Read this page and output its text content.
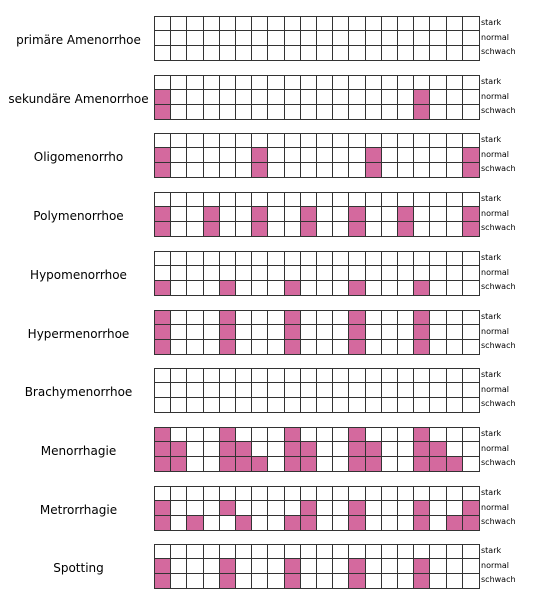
primäre Amenorrhoe
stark
normal
schwach
sekundäre Amenorrhoe
stark
normal
schwach
Oligomenorrho
stark
normal
schwach
Polymenorrhoe
stark
normal
schwach
Hypomenorrhoe
stark
normal
schwach
Hypermenorrhoe
stark
normal
schwach
Brachymenorrhoe
stark
normal
schwach
Menorrhagie
stark
normal
schwach
Metrorrhagie
stark
normal
schwach
Spotting
stark
normal
schwach
